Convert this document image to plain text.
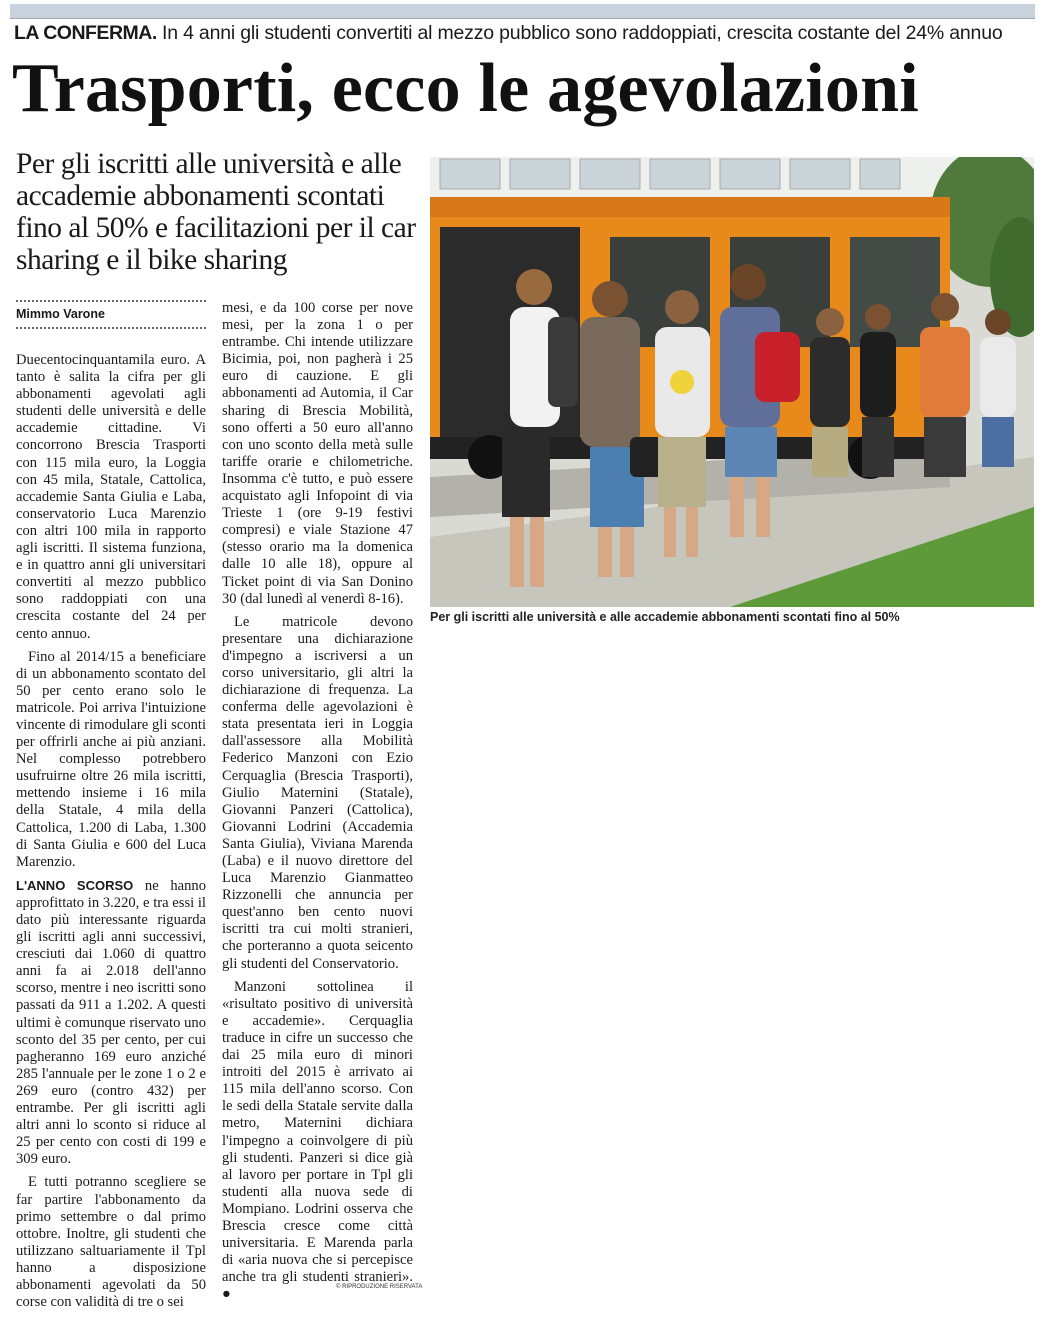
LA CONFERMA. In 4 anni gli studenti convertiti al mezzo pubblico sono raddoppiati, crescita costante del 24% annuo
Trasporti, ecco le agevolazioni
Per gli iscritti alle università e alle accademie abbonamenti scontati fino al 50% e facilitazioni per il car sharing e il bike sharing
Mimmo Varone

Duecentocinquantamila euro. A tanto è salita la cifra per gli abbonamenti agevolati agli studenti delle università e delle accademie cittadine. Vi concorrono Brescia Trasporti con 115 mila euro, la Loggia con 45 mila, Statale, Cattolica, accademie Santa Giulia e Laba, conservatorio Luca Marenzio con altri 100 mila in rapporto agli iscritti. Il sistema funziona, e in quattro anni gli universitari convertiti al mezzo pubblico sono raddoppiati con una crescita costante del 24 per cento annuo.

Fino al 2014/15 a beneficiare di un abbonamento scontato del 50 per cento erano solo le matricole. Poi arriva l'intuizione vincente di rimodulare gli sconti per offrirli anche ai più anziani. Nel complesso potrebbero usufruirne oltre 26 mila iscritti, mettendo insieme i 16 mila della Statale, 4 mila della Cattolica, 1.200 di Laba, 1.300 di Santa Giulia e 600 del Luca Marenzio.

L'ANNO SCORSO ne hanno approfittato in 3.220, e tra essi il dato più interessante riguarda gli iscritti agli anni successivi, cresciuti dai 1.060 di quattro anni fa ai 2.018 dell'anno scorso, mentre i neo iscritti sono passati da 911 a 1.202. A questi ultimi è comunque riservato uno sconto del 35 per cento, per cui pagheranno 169 euro anziché 285 l'annuale per le zone 1 o 2 e 269 euro (contro 432) per entrambe. Per gli iscritti agli altri anni lo sconto si riduce al 25 per cento con costi di 199 e 309 euro.

E tutti potranno scegliere se far partire l'abbonamento da primo settembre o dal primo ottobre. Inoltre, gli studenti che utilizzano saltuariamente il Tpl hanno a disposizione abbonamenti agevolati da 50 corse con validità di tre o sei

mesi, e da 100 corse per nove mesi, per la zona 1 o per entrambe. Chi intende utilizzare Bicimia, poi, non pagherà i 25 euro di cauzione. E gli abbonamenti ad Automia, il Car sharing di Brescia Mobilità, sono offerti a 50 euro all'anno con uno sconto della metà sulle tariffe orarie e chilometriche. Insomma c'è tutto, e può essere acquistato agli Infopoint di via Trieste 1 (ore 9-19 festivi compresi) e viale Stazione 47 (stesso orario ma la domenica dalle 10 alle 18), oppure al Ticket point di via San Donino 30 (dal lunedì al venerdì 8-16).

Le matricole devono presentare una dichiarazione d'impegno a iscriversi a un corso universitario, gli altri la dichiarazione di frequenza. La conferma delle agevolazioni è stata presentata ieri in Loggia dall'assessore alla Mobilità Federico Manzoni con Ezio Cerquaglia (Brescia Trasporti), Giulio Maternini (Statale), Giovanni Panzeri (Cattolica), Giovanni Lodrini (Accademia Santa Giulia), Viviana Marenda (Laba) e il nuovo direttore del Luca Marenzio Gianmatteo Rizzonelli che annuncia per quest'anno ben cento nuovi iscritti tra cui molti stranieri, che porteranno a quota seicento gli studenti del Conservatorio.

Manzoni sottolinea il «risultato positivo di università e accademie». Cerquaglia traduce in cifre un successo che dai 25 mila euro di minori introiti del 2015 è arrivato ai 115 mila dell'anno scorso. Con le sedi della Statale servite dalla metro, Maternini dichiara l'impegno a coinvolgere di più gli studenti. Panzeri si dice già al lavoro per portare in Tpl gli studenti alla nuova sede di Mompiano. Lodrini osserva che Brescia cresce come città universitaria. E Marenda parla di «aria nuova che si percepisce anche tra gli studenti stranieri». ●

Per gli iscritti alle università e alle accademie abbonamenti scontati fino al 50%
© RIPRODUZIONE RISERVATA
